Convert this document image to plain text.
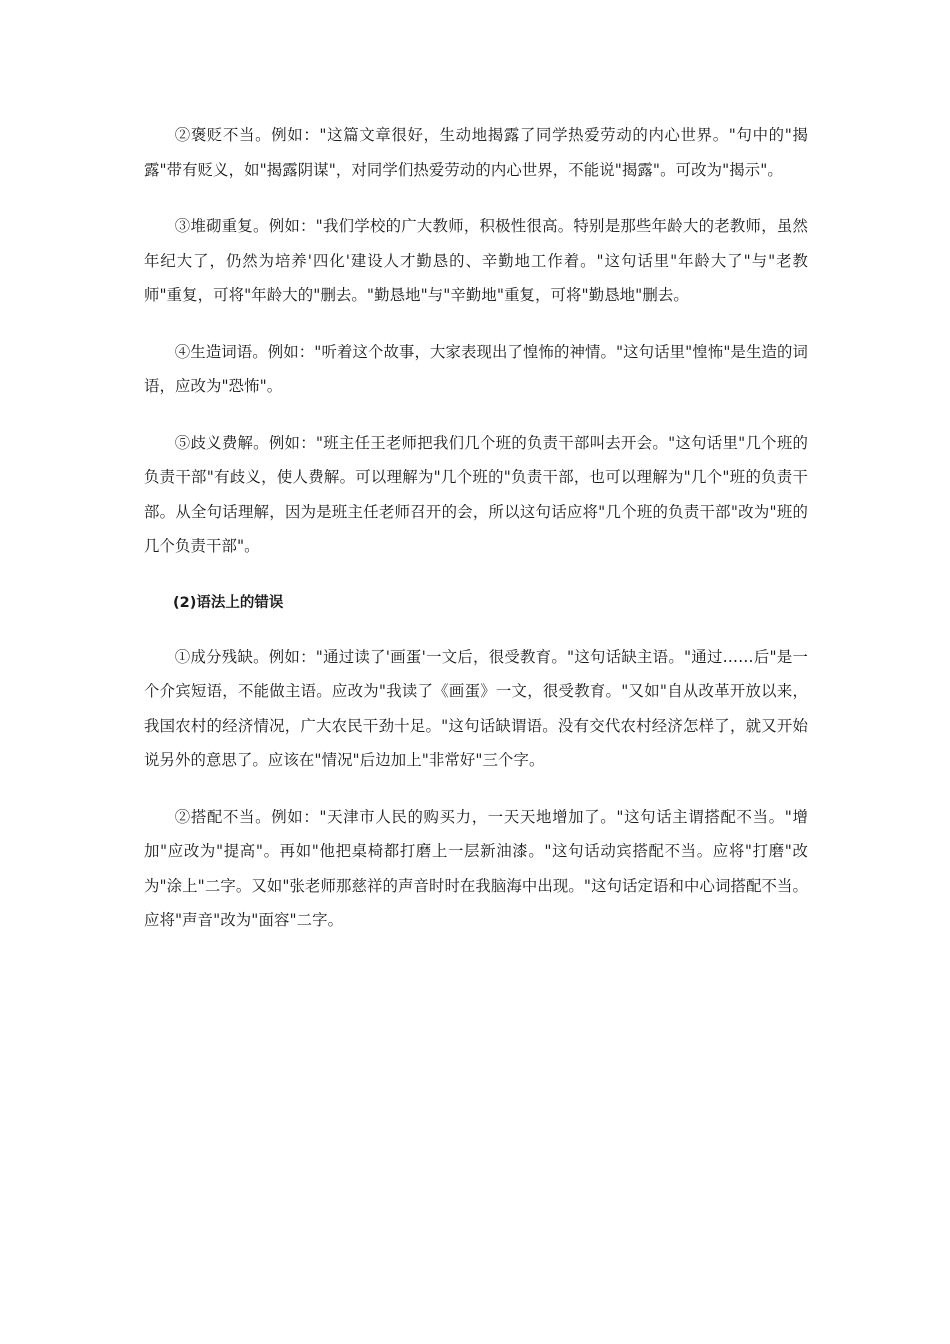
②褒贬不当。例如："这篇文章很好，生动地揭露了同学热爱劳动的内心世界。"句中的"揭露"带有贬义，如"揭露阴谋"，对同学们热爱劳动的内心世界，不能说"揭露"。可改为"揭示"。

③堆砌重复。例如："我们学校的广大教师，积极性很高。特别是那些年龄大的老教师，虽然年纪大了，仍然为培养'四化'建设人才勤恳的、辛勤地工作着。"这句话里"年龄大了"与"老教师"重复，可将"年龄大的"删去。"勤恳地"与"辛勤地"重复，可将"勤恳地"删去。

④生造词语。例如："听着这个故事，大家表现出了惶怖的神情。"这句话里"惶怖"是生造的词语，应改为"恐怖"。

⑤歧义费解。例如："班主任王老师把我们几个班的负责干部叫去开会。"这句话里"几个班的负责干部"有歧义，使人费解。可以理解为"几个班的"负责干部，也可以理解为"几个"班的负责干部。从全句话理解，因为是班主任老师召开的会，所以这句话应将"几个班的负责干部"改为"班的几个负责干部"。

(2)语法上的错误

①成分残缺。例如："通过读了'画蛋'一文后，很受教育。"这句话缺主语。"通过……后"是一个介宾短语，不能做主语。应改为"我读了《画蛋》一文，很受教育。"又如"自从改革开放以来，我国农村的经济情况，广大农民干劲十足。"这句话缺谓语。没有交代农村经济怎样了，就又开始说另外的意思了。应该在"情况"后边加上"非常好"三个字。

②搭配不当。例如："天津市人民的购买力，一天天地增加了。"这句话主谓搭配不当。"增加"应改为"提高"。再如"他把桌椅都打磨上一层新油漆。"这句话动宾搭配不当。应将"打磨"改为"涂上"二字。又如"张老师那慈祥的声音时时在我脑海中出现。"这句话定语和中心词搭配不当。应将"声音"改为"面容"二字。
